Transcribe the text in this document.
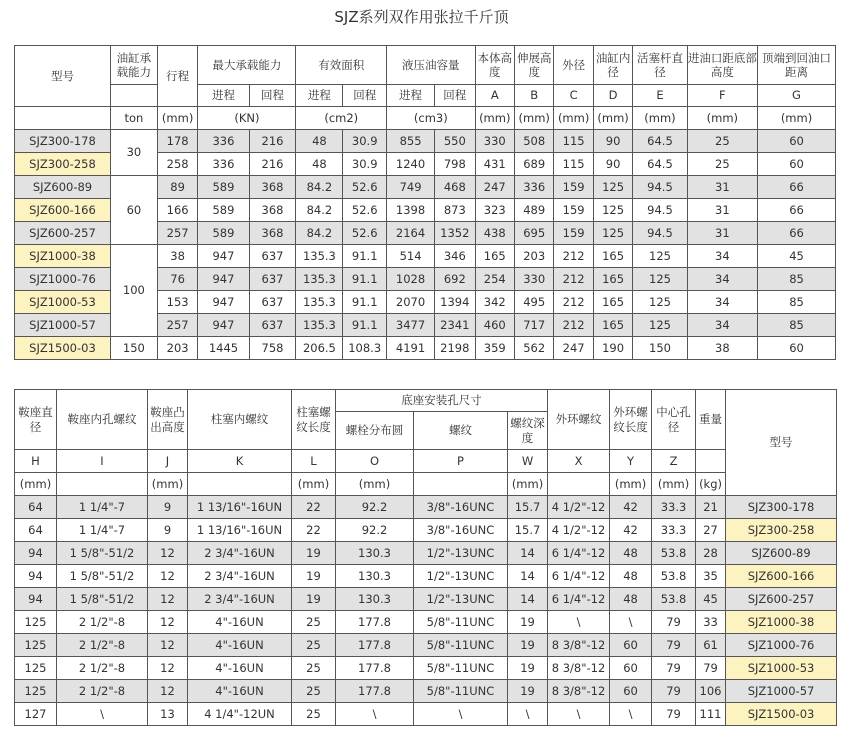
SJZ系列双作用张拉千斤顶
型号	油缸承载能力	行程	最大承载能力		有效面积		液压油容量		本体高度	伸展高度	外径	油缸内径	活塞杆直径	进油口距底部高度	顶端到回油口距离
			进程	回程	进程	回程	进程	回程	A	B	C	D	E	F	G
	ton	(mm)	(KN)		(cm2)		(cm3)		(mm)	(mm)	(mm)	(mm)	(mm)	(mm)	(mm)
SJZ300-178	30	178	336	216	48	30.9	855	550	330	508	115	90	64.5	25	60
SJZ300-258		258	336	216	48	30.9	1240	798	431	689	115	90	64.5	25	60
SJZ600-89	60	89	589	368	84.2	52.6	749	468	247	336	159	125	94.5	31	66
SJZ600-166		166	589	368	84.2	52.6	1398	873	323	489	159	125	94.5	31	66
SJZ600-257		257	589	368	84.2	52.6	2164	1352	438	695	159	125	94.5	31	66
SJZ1000-38	100	38	947	637	135.3	91.1	514	346	165	203	212	165	125	34	45
SJZ1000-76		76	947	637	135.3	91.1	1028	692	254	330	212	165	125	34	85
SJZ1000-53		153	947	637	135.3	91.1	2070	1394	342	495	212	165	125	34	85
SJZ1000-57		257	947	637	135.3	91.1	3477	2341	460	717	212	165	125	34	85
SJZ1500-03	150	203	1445	758	206.5	108.3	4191	2198	359	562	247	190	150	38	60
鞍座直径	鞍座内孔螺纹	鞍座凸出高度	柱塞内螺纹	柱塞螺纹长度	底座安装孔尺寸			外环螺纹	外环螺纹长度	中心孔径	重量	型号
					螺栓分布圆	螺纹	螺纹深度					
H	I	J	K	L	O	P	W	X	Y	Z		
(mm)		(mm)		(mm)	(mm)		(mm)		(mm)	(mm)	(kg)	
64	1 1/4"-7	9	1 13/16"-16UN	22	92.2	3/8"-16UNC	15.7	4 1/2"-12	42	33.3	21	SJZ300-178
64	1 1/4"-7	9	1 13/16"-16UN	22	92.2	3/8"-16UNC	15.7	4 1/2"-12	42	33.3	27	SJZ300-258
94	1 5/8"-51/2	12	2 3/4"-16UN	19	130.3	1/2"-13UNC	14	6 1/4"-12	48	53.8	28	SJZ600-89
94	1 5/8"-51/2	12	2 3/4"-16UN	19	130.3	1/2"-13UNC	14	6 1/4"-12	48	53.8	35	SJZ600-166
94	1 5/8"-51/2	12	2 3/4"-16UN	19	130.3	1/2"-13UNC	14	6 1/4"-12	48	53.8	45	SJZ600-257
125	2 1/2"-8	12	4"-16UN	25	177.8	5/8"-11UNC	19	\	\	79	33	SJZ1000-38
125	2 1/2"-8	12	4"-16UN	25	177.8	5/8"-11UNC	19	8 3/8"-12	60	79	61	SJZ1000-76
125	2 1/2"-8	12	4"-16UN	25	177.8	5/8"-11UNC	19	8 3/8"-12	60	79	79	SJZ1000-53
125	2 1/2"-8	12	4"-16UN	25	177.8	5/8"-11UNC	19	8 3/8"-12	60	79	106	SJZ1000-57
127	\	13	4 1/4"-12UN	25	\	\	\	\	\	79	111	SJZ1500-03
